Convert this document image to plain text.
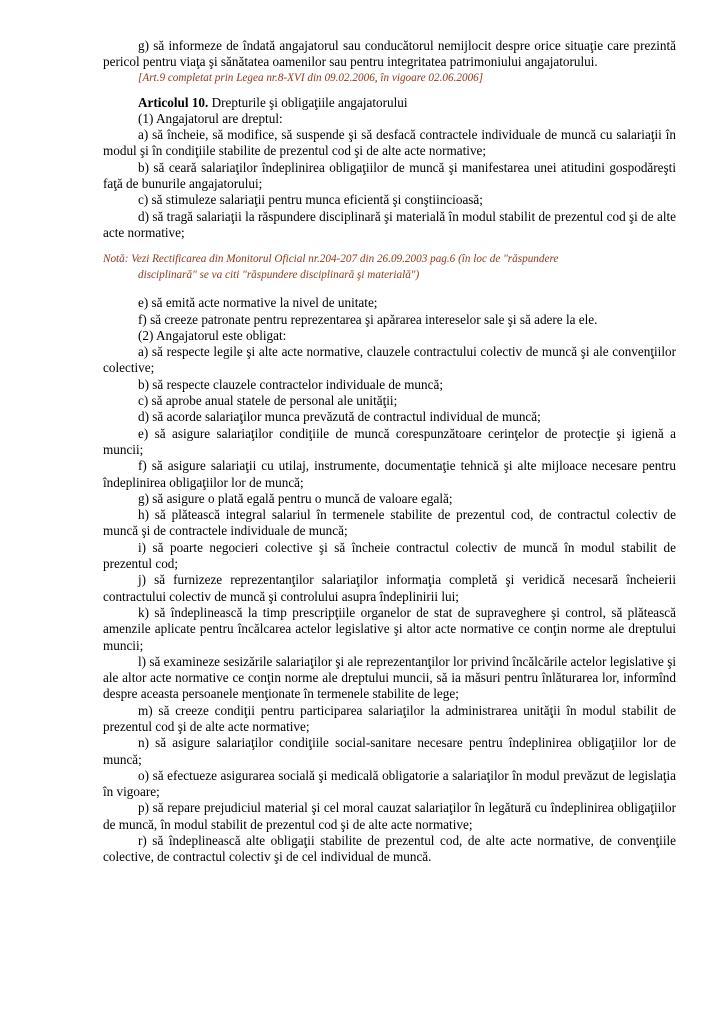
g) să informeze de îndată angajatorul sau conducătorul nemijlocit despre orice situaţie care prezintă pericol pentru viaţa şi sănătatea oamenilor sau pentru integritatea patrimoniului angajatorului.

[Art.9 completat prin Legea nr.8-XVI din 09.02.2006, în vigoare 02.06.2006]

Articolul 10. Drepturile şi obligaţiile angajatorului

(1) Angajatorul are dreptul:

a) să încheie, să modifice, să suspende şi să desfacă contractele individuale de muncă cu salariaţii în modul şi în condiţiile stabilite de prezentul cod şi de alte acte normative;

b) să ceară salariaţilor îndeplinirea obligaţiilor de muncă şi manifestarea unei atitudini gospodăreşti faţă de bunurile angajatorului;

c) să stimuleze salariaţii pentru munca eficientă şi conştiincioasă;

d) să tragă salariaţii la răspundere disciplinară şi materială în modul stabilit de prezentul cod şi de alte acte normative;

Notă: Vezi Rectificarea din Monitorul Oficial nr.204-207 din 26.09.2003 pag.6 (în loc de "răspundere
disciplinară" se va citi "răspundere disciplinară şi materială")

e) să emită acte normative la nivel de unitate;

f) să creeze patronate pentru reprezentarea şi apărarea intereselor sale şi să adere la ele.

(2) Angajatorul este obligat:

a) să respecte legile şi alte acte normative, clauzele contractului colectiv de muncă şi ale convenţiilor colective;

b) să respecte clauzele contractelor individuale de muncă;

c) să aprobe anual statele de personal ale unităţii;

d) să acorde salariaţilor munca prevăzută de contractul individual de muncă;

e) să asigure salariaţilor condiţiile de muncă corespunzătoare cerinţelor de protecţie şi igienă a muncii;

f) să asigure salariaţii cu utilaj, instrumente, documentaţie tehnică şi alte mijloace necesare pentru îndeplinirea obligaţiilor lor de muncă;

g) să asigure o plată egală pentru o muncă de valoare egală;

h) să plătească integral salariul în termenele stabilite de prezentul cod, de contractul colectiv de muncă şi de contractele individuale de muncă;

i) să poarte negocieri colective şi să încheie contractul colectiv de muncă în modul stabilit de prezentul cod;

j) să furnizeze reprezentanţilor salariaţilor informaţia completă şi veridică necesară încheierii contractului colectiv de muncă şi controlului asupra îndeplinirii lui;

k) să îndeplinească la timp prescripţiile organelor de stat de supraveghere şi control, să plătească amenzile aplicate pentru încălcarea actelor legislative şi altor acte normative ce conţin norme ale dreptului muncii;

l) să examineze sesizările salariaţilor şi ale reprezentanţilor lor privind încălcările actelor legislative şi ale altor acte normative ce conţin norme ale dreptului muncii, să ia măsuri pentru înlăturarea lor, informînd despre aceasta persoanele menţionate în termenele stabilite de lege;

m) să creeze condiţii pentru participarea salariaţilor la administrarea unităţii în modul stabilit de prezentul cod şi de alte acte normative;

n) să asigure salariaţilor condiţiile social-sanitare necesare pentru îndeplinirea obligaţiilor lor de muncă;

o) să efectueze asigurarea socială şi medicală obligatorie a salariaţilor în modul prevăzut de legislaţia în vigoare;

p) să repare prejudiciul material şi cel moral cauzat salariaţilor în legătură cu îndeplinirea obligaţiilor de muncă, în modul stabilit de prezentul cod şi de alte acte normative;

r) să îndeplinească alte obligaţii stabilite de prezentul cod, de alte acte normative, de convenţiile colective, de contractul colectiv şi de cel individual de muncă.
